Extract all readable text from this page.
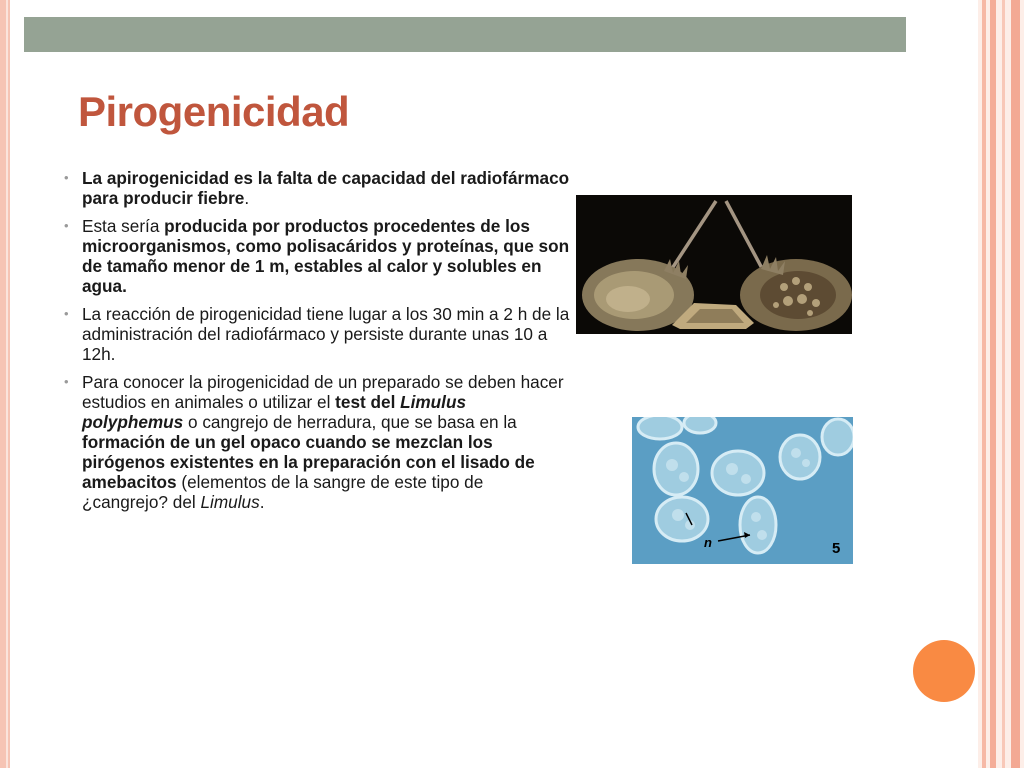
Pirogenicidad
• La apirogenicidad es la falta de capacidad del radiofármaco para producir fiebre.
• Esta sería producida por productos procedentes de los microorganismos, como polisacáridos y proteínas, que son de tamaño menor de 1 m, estables al calor y solubles en agua.
• La reacción de pirogenicidad tiene lugar a los 30 min a 2 h de la administración del radiofármaco y persiste durante unas 10 a 12h.
• Para conocer la pirogenicidad de un preparado se deben hacer estudios en animales o utilizar el test del Limulus polyphemus o cangrejo de herradura, que se basa en la formación de un gel opaco cuando se mezclan los pirógenos existentes en la preparación con el lisado de amebacitos (elementos de la sangre de este tipo de ¿cangrejo? del Limulus.
n	5
